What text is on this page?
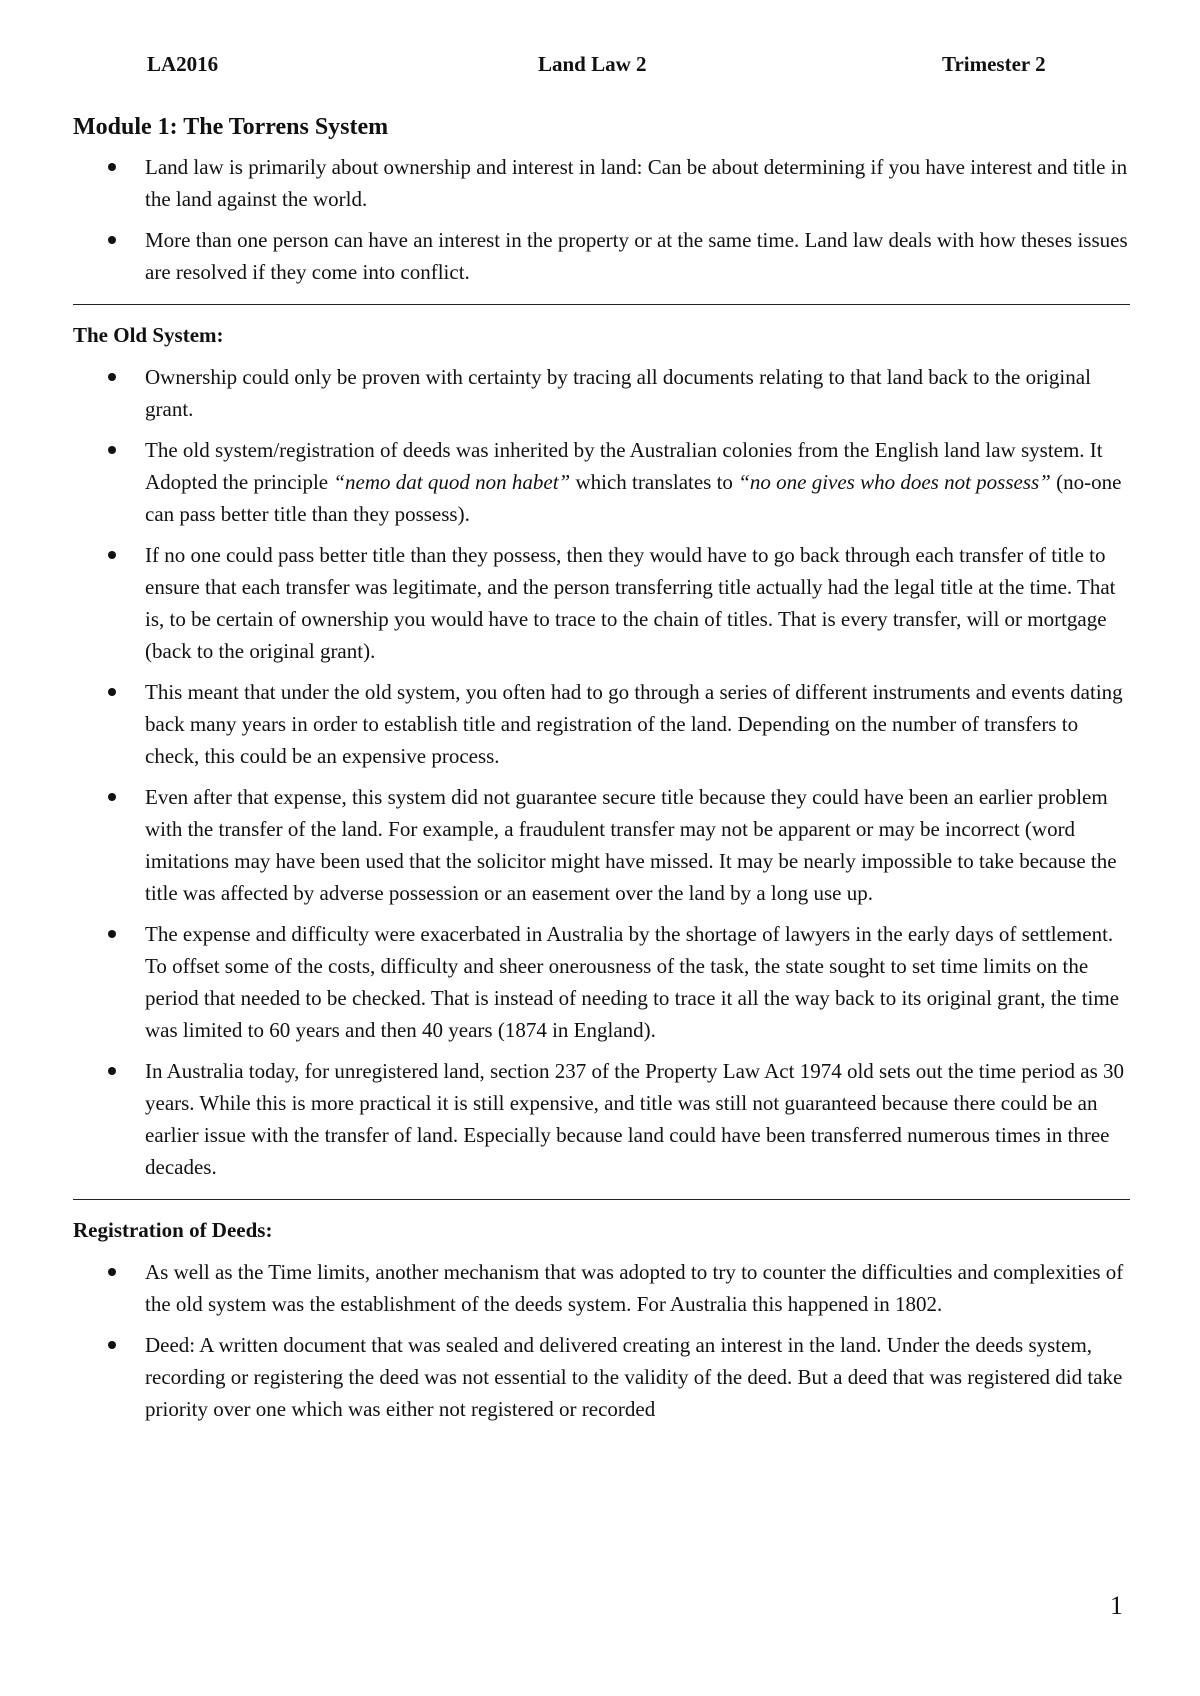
LA2016	Land Law 2	Trimester 2
Module 1: The Torrens System
Land law is primarily about ownership and interest in land: Can be about determining if you have interest and title in the land against the world.
More than one person can have an interest in the property or at the same time. Land law deals with how theses issues are resolved if they come into conflict.
The Old System:
Ownership could only be proven with certainty by tracing all documents relating to that land back to the original grant.
The old system/registration of deeds was inherited by the Australian colonies from the English land law system. It Adopted the principle “nemo dat quod non habet” which translates to “no one gives who does not possess” (no-one can pass better title than they possess).
If no one could pass better title than they possess, then they would have to go back through each transfer of title to ensure that each transfer was legitimate, and the person transferring title actually had the legal title at the time. That is, to be certain of ownership you would have to trace to the chain of titles. That is every transfer, will or mortgage (back to the original grant).
This meant that under the old system, you often had to go through a series of different instruments and events dating back many years in order to establish title and registration of the land. Depending on the number of transfers to check, this could be an expensive process.
Even after that expense, this system did not guarantee secure title because they could have been an earlier problem with the transfer of the land. For example, a fraudulent transfer may not be apparent or may be incorrect (word imitations may have been used that the solicitor might have missed. It may be nearly impossible to take because the title was affected by adverse possession or an easement over the land by a long use up.
The expense and difficulty were exacerbated in Australia by the shortage of lawyers in the early days of settlement. To offset some of the costs, difficulty and sheer onerousness of the task, the state sought to set time limits on the period that needed to be checked. That is instead of needing to trace it all the way back to its original grant, the time was limited to 60 years and then 40 years (1874 in England).
In Australia today, for unregistered land, section 237 of the Property Law Act 1974 old sets out the time period as 30 years. While this is more practical it is still expensive, and title was still not guaranteed because there could be an earlier issue with the transfer of land. Especially because land could have been transferred numerous times in three decades.
Registration of Deeds:
As well as the Time limits, another mechanism that was adopted to try to counter the difficulties and complexities of the old system was the establishment of the deeds system. For Australia this happened in 1802.
Deed: A written document that was sealed and delivered creating an interest in the land. Under the deeds system, recording or registering the deed was not essential to the validity of the deed. But a deed that was registered did take priority over one which was either not registered or recorded
1
